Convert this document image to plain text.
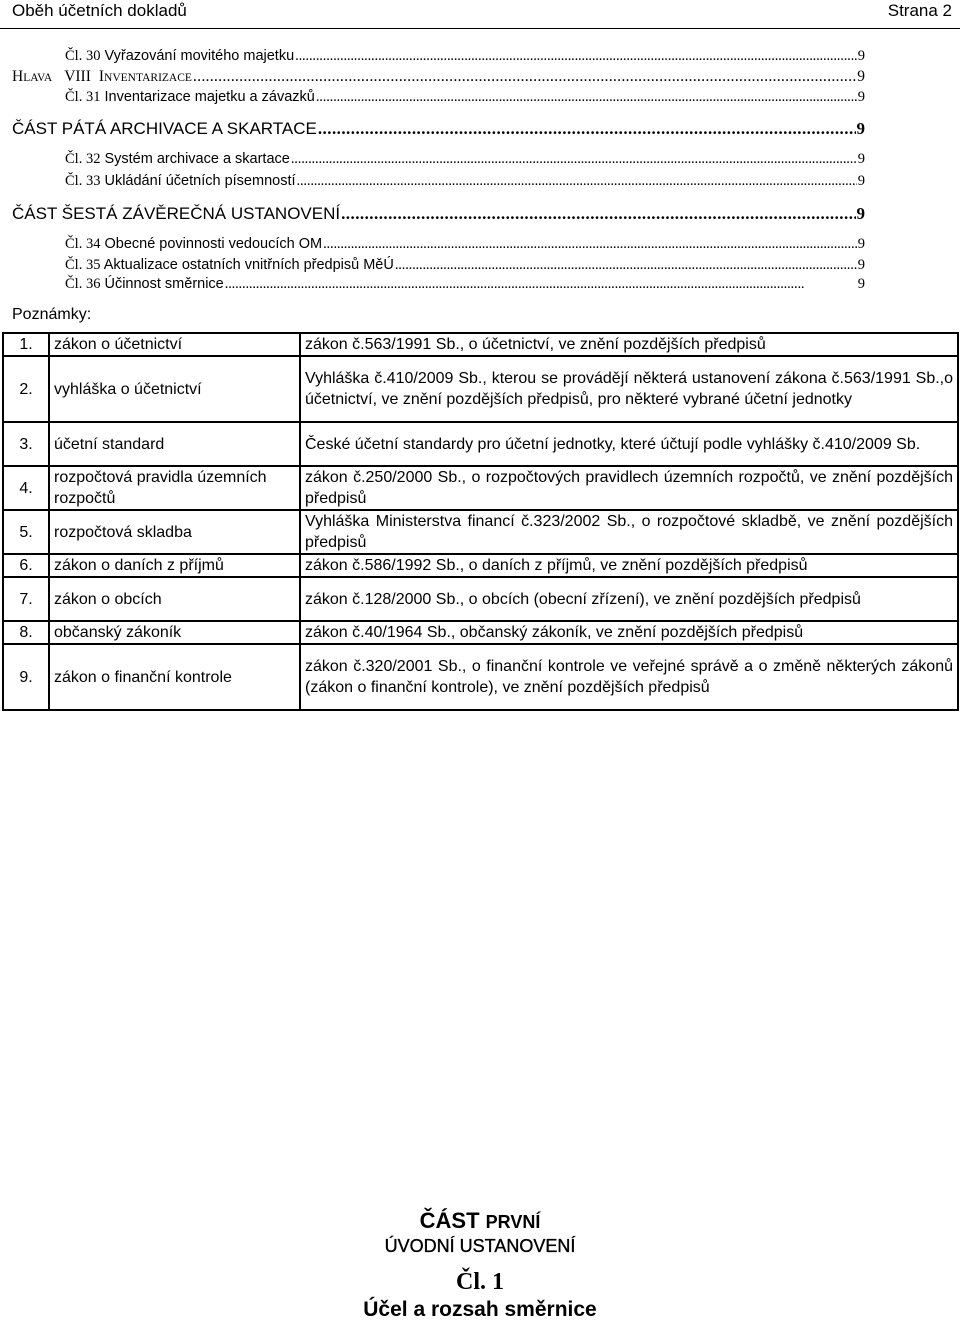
Oběh účetních dokladů	Strana 2
Čl. 30 Vyřazování movitého majetku . . .	9
HLAVA VIII INVENTARIZACE . . .	9
Čl. 31 Inventarizace majetku a závazků . . .	9
ČÁST PÁTÁ ARCHIVACE A SKARTACE . . .	9
Čl. 32 Systém archivace a skartace . . .	9
Čl. 33 Ukládání účetních písemností . . .	9
ČÁST ŠESTÁ ZÁVĚREČNÁ USTANOVENÍ . . .	9
Čl. 34 Obecné povinnosti vedoucích OM . . .	9
Čl. 35 Aktualizace ostatních vnitřních předpisů MěÚ . . .	9
Čl. 36 Účinnost směrnice . . .	9
Poznámky:
1.	zákon o účetnictví	zákon č.563/1991 Sb., o účetnictví, ve znění pozdějších předpisů
2.	vyhláška o účetnictví	Vyhláška č.410/2009 Sb., kterou se provádějí některá ustanovení zákona č.563/1991 Sb.,o účetnictví, ve znění pozdějších předpisů, pro některé vybrané účetní jednotky
3.	účetní standard	České účetní standardy pro účetní jednotky, které účtují podle vyhlášky č.410/2009 Sb.
4.	rozpočtová pravidla územních rozpočtů	zákon č.250/2000 Sb., o rozpočtových pravidlech územních rozpočtů, ve znění pozdějších předpisů
5.	rozpočtová skladba	Vyhláška Ministerstva financí č.323/2002 Sb., o rozpočtové skladbě, ve znění pozdějších předpisů
6.	zákon o daních z příjmů	zákon č.586/1992 Sb., o daních z příjmů, ve znění pozdějších předpisů
7.	zákon o obcích	zákon č.128/2000 Sb., o obcích (obecní zřízení), ve znění pozdějších předpisů
8.	občanský zákoník	zákon č.40/1964 Sb., občanský zákoník, ve znění pozdějších předpisů
9.	zákon o finanční kontrole	zákon č.320/2001 Sb., o finanční kontrole ve veřejné správě a o změně některých zákonů (zákon o finanční kontrole), ve znění pozdějších předpisů
ČÁST PRVNÍ
ÚVODNÍ USTANOVENÍ
Čl. 1
Účel a rozsah směrnice
